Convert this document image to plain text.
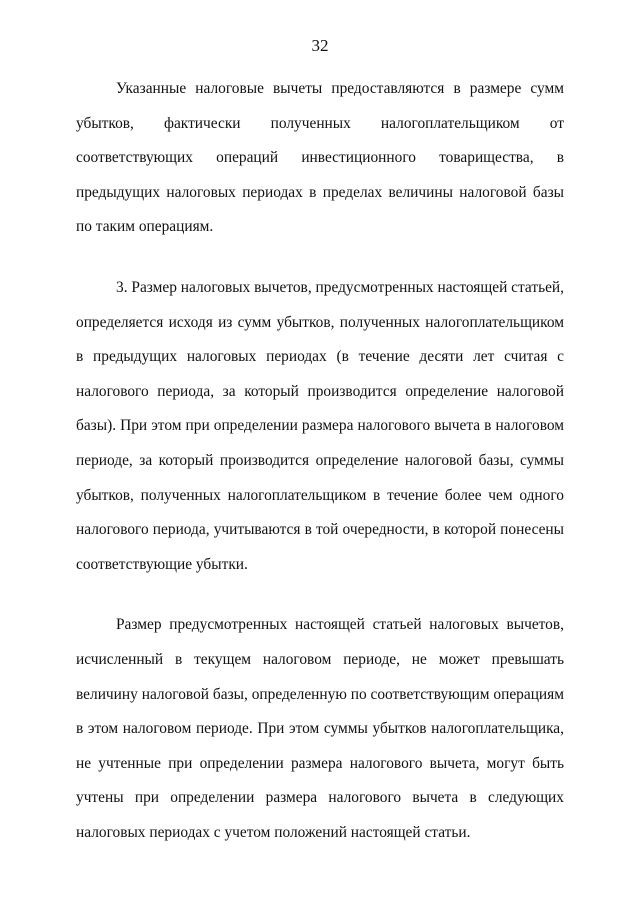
32

Указанные налоговые вычеты предоставляются в размере сумм убытков, фактически полученных налогоплательщиком от соответствующих операций инвестиционного товарищества, в предыдущих налоговых периодах в пределах величины налоговой базы по таким операциям.

3. Размер налоговых вычетов, предусмотренных настоящей статьей, определяется исходя из сумм убытков, полученных налогоплательщиком в предыдущих налоговых периодах (в течение десяти лет считая с налогового периода, за который производится определение налоговой базы). При этом при определении размера налогового вычета в налоговом периоде, за который производится определение налоговой базы, суммы убытков, полученных налогоплательщиком в течение более чем одного налогового периода, учитываются в той очередности, в которой понесены соответствующие убытки.

Размер предусмотренных настоящей статьей налоговых вычетов, исчисленный в текущем налоговом периоде, не может превышать величину налоговой базы, определенную по соответствующим операциям в этом налоговом периоде. При этом суммы убытков налогоплательщика, не учтенные при определении размера налогового вычета, могут быть учтены при определении размера налогового вычета в следующих налоговых периодах с учетом положений настоящей статьи.
